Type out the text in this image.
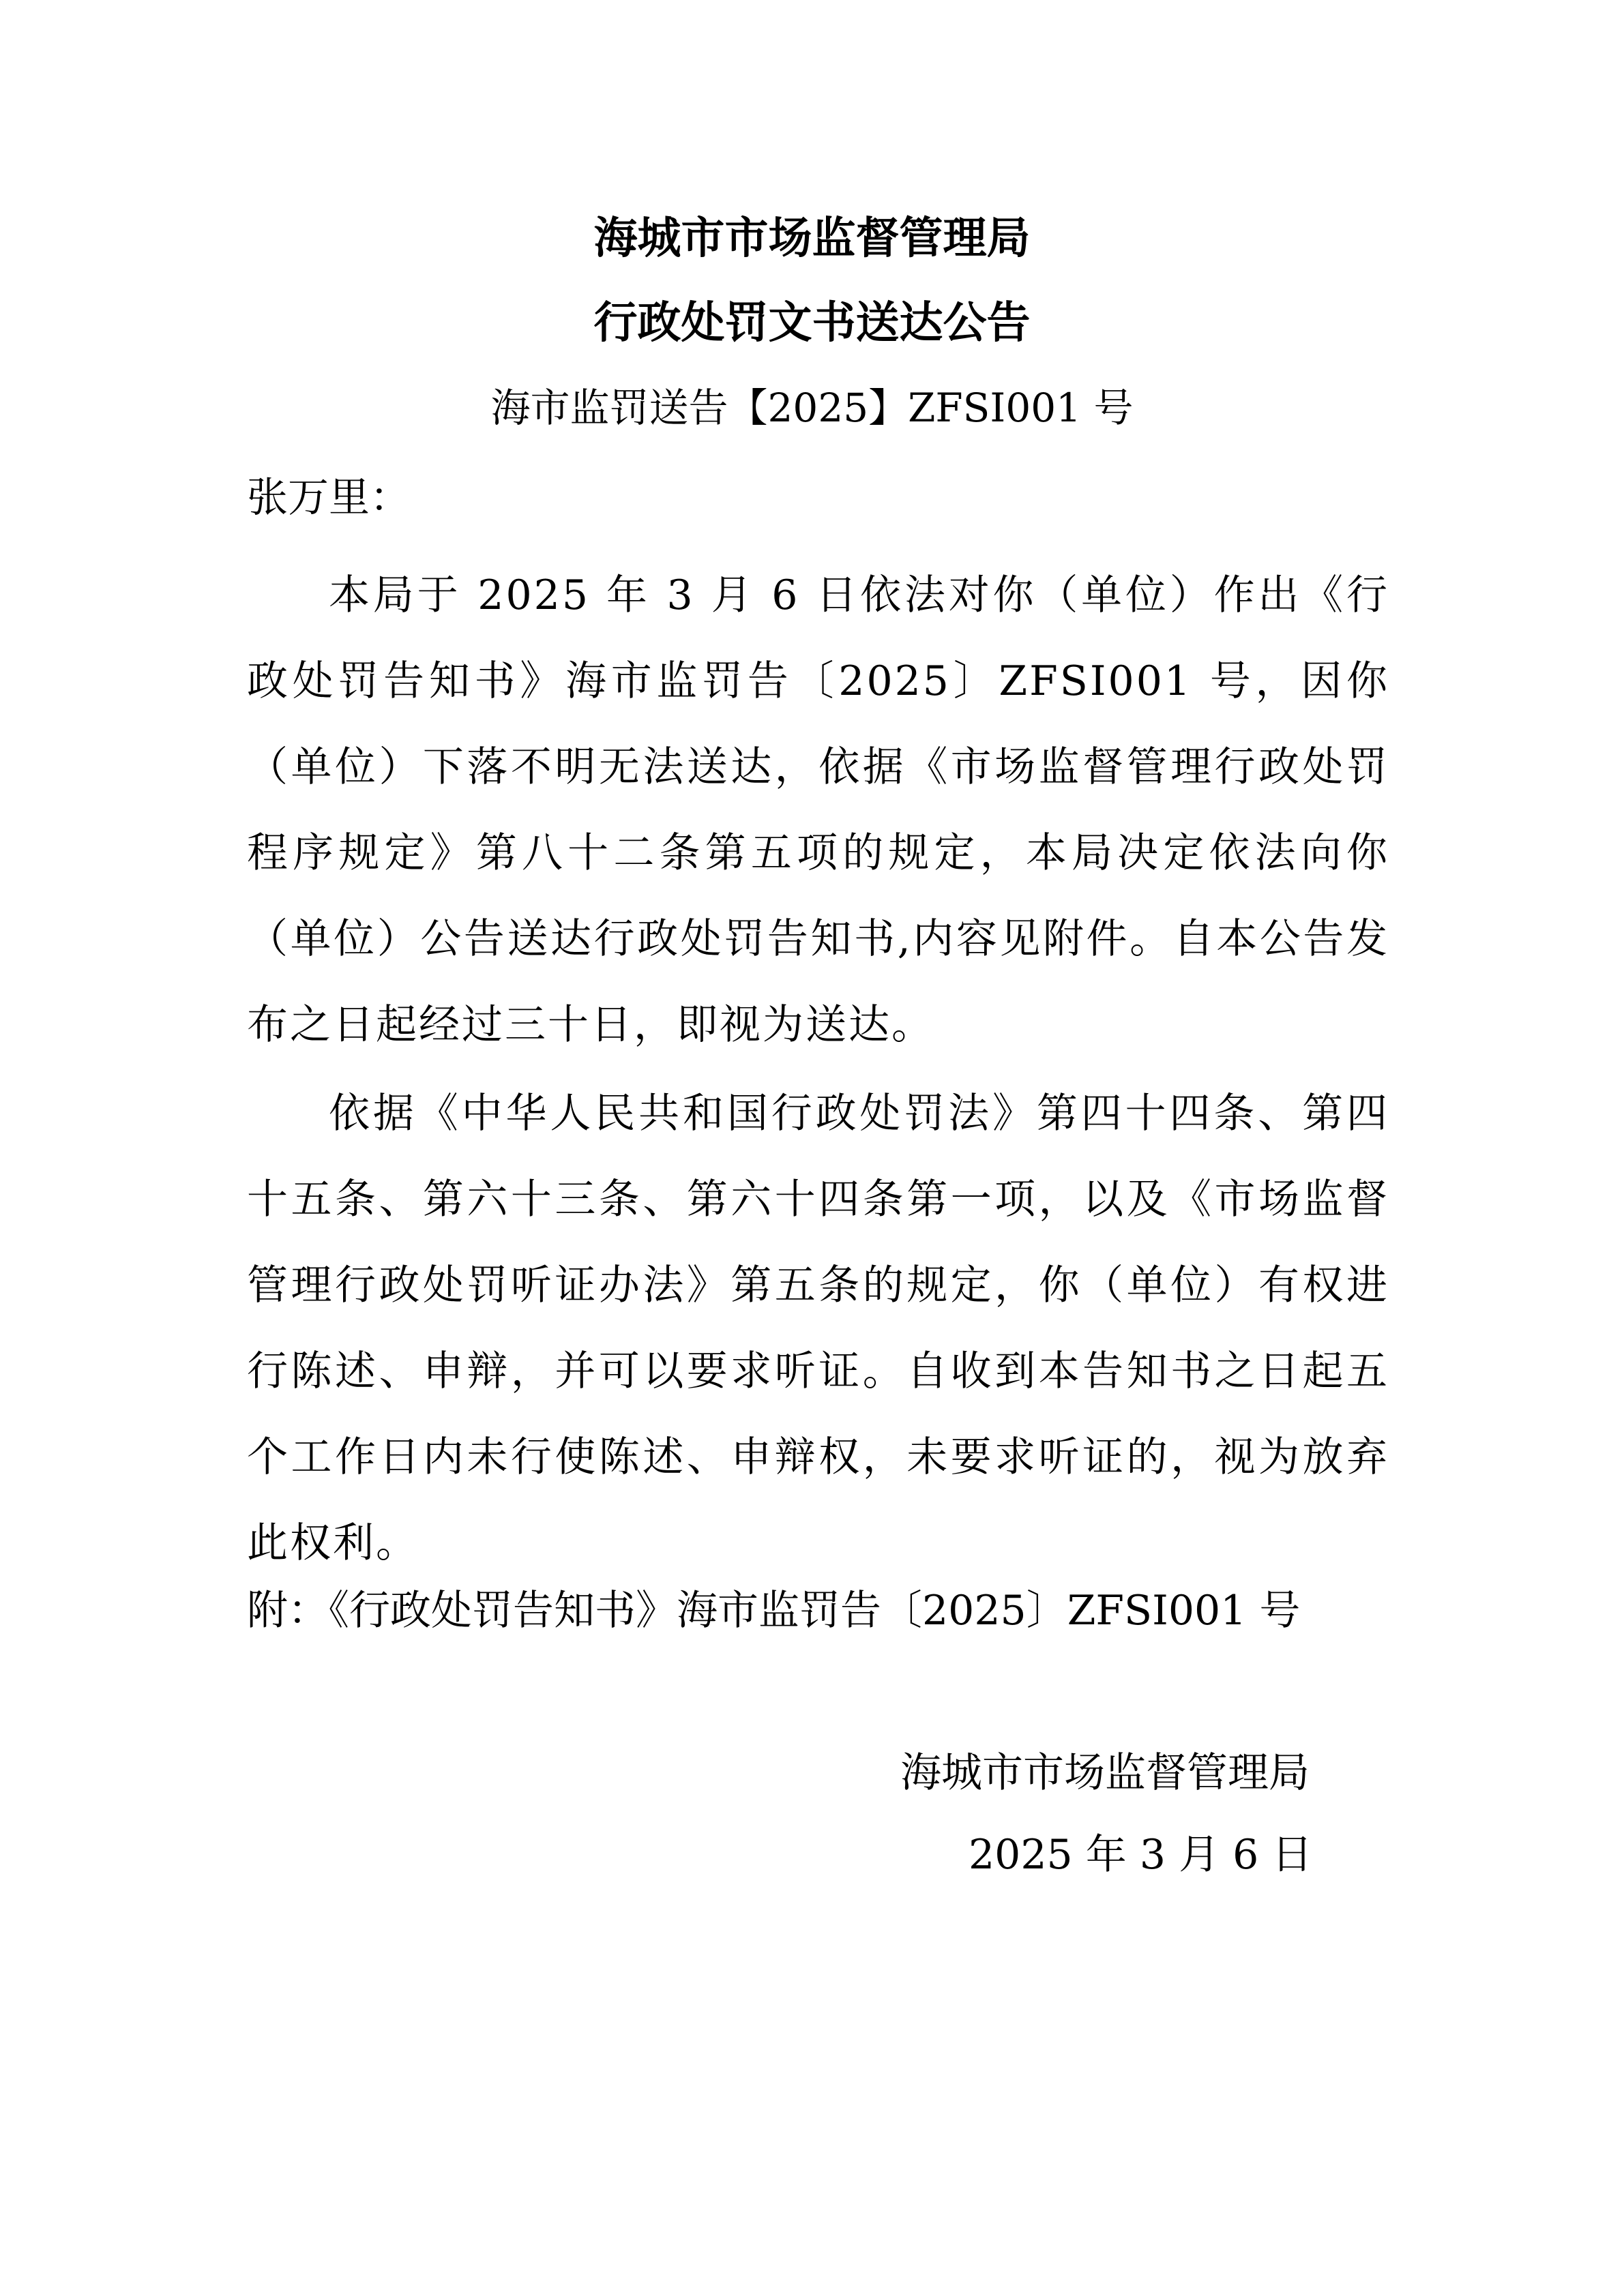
海城市市场监督管理局
行政处罚文书送达公告
海市监罚送告【2025】ZFSI001 号
张万里：

本局于 2025 年 3 月 6 日依法对你（单位）作出《行政处罚告知书》海市监罚告〔2025〕ZFSI001 号，因你（单位）下落不明无法送达，依据《市场监督管理行政处罚程序规定》第八十二条第五项的规定，本局决定依法向你（单位）公告送达行政处罚告知书,内容见附件。自本公告发布之日起经过三十日，即视为送达。

依据《中华人民共和国行政处罚法》第四十四条、第四十五条、第六十三条、第六十四条第一项，以及《市场监督管理行政处罚听证办法》第五条的规定，你（单位）有权进行陈述、申辩，并可以要求听证。自收到本告知书之日起五个工作日内未行使陈述、申辩权，未要求听证的，视为放弃此权利。

附：《行政处罚告知书》海市监罚告〔2025〕ZFSI001 号
海城市市场监督管理局
2025 年 3 月 6 日
